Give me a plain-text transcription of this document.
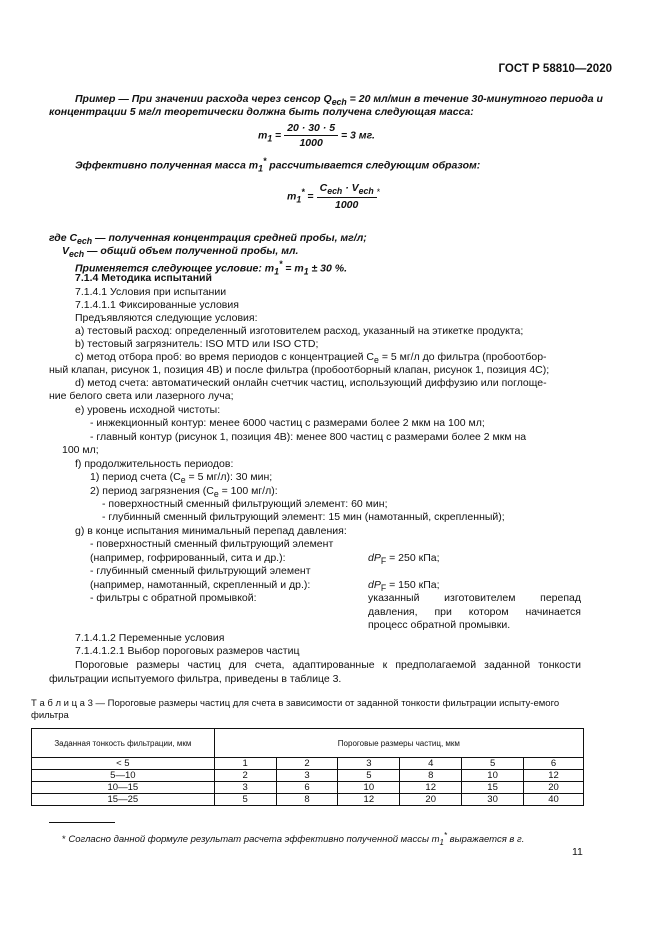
ГОСТ Р 58810—2020
Пример — При значении расхода через сенсор $Q_{ech} = 20$ мл/мин в течение 30-минутного периода и
концентрации 5 мг/л теоретически должна быть получена следующая масса:
$m_1 = \frac{20 \cdot 30 \cdot 5}{1000} = 3$ мг.
Эффективно полученная масса $m_1^*$ рассчитывается следующим образом:
$m_1^* = \frac{C_{ech} \cdot V_{ech}}{1000} ^*$
где $C_{ech}$ — полученная концентрация средней пробы, мг/л;
$V_{ech}$ — общий объем полученной пробы, мл.
Применяется следующее условие: $m_1^* = m_1 \pm 30$ %.
7.1.4 Методика испытаний
7.1.4.1 Условия при испытании
7.1.4.1.1 Фиксированные условия
Предъявляются следующие условия:
а) тестовый расход: определенный изготовителем расход, указанный на этикетке продукта;
b) тестовый загрязнитель: ISO MTD или ISO CTD;
c) метод отбора проб: во время периодов с концентрацией $C_e = 5$ мг/л до фильтра (пробоотбор-
ный клапан, рисунок 1, позиция 4В) и после фильтра (пробоотборный клапан, рисунок 1, позиция 4С);
d) метод счета: автоматический онлайн счетчик частиц, использующий диффузию или поглоще-
ние белого света или лазерного луча;
e) уровень исходной чистоты:
- инжекционный контур: менее 6000 частиц с размерами более 2 мкм на 100 мл;
- главный контур (рисунок 1, позиция 4В): менее 800 частиц с размерами более 2 мкм на
100 мл;
f) продолжительность периодов:
1) период счета ($C_e = 5$ мг/л): 30 мин;
2) период загрязнения ($C_e = 100$ мг/л):
- поверхностный сменный фильтрующий элемент: 60 мин;
- глубинный сменный фильтрующий элемент: 15 мин (намотанный, скрепленный);
g) в конце испытания минимальный перепад давления:
- поверхностный сменный фильтрующий элемент
(например, гофрированный, сита и др.):	$dP_F = 250$ кПа;
- глубинный сменный фильтрующий элемент
(например, намотанный, скрепленный и др.):	$dP_F = 150$ кПа;
- фильтры с обратной промывкой:	указанный изготовителем перепад давления, при котором начинается процесс обратной промывки.
7.1.4.1.2 Переменные условия
7.1.4.1.2.1 Выбор пороговых размеров частиц
Пороговые размеры частиц для счета, адаптированные к предполагаемой заданной тонкости фильтрации испытуемого фильтра, приведены в таблице 3.
Т а б л и ц а 3 — Пороговые размеры частиц для счета в зависимости от заданной тонкости фильтрации испыту-емого фильтра
Заданная тонкость фильтрации, мкм	Пороговые размеры частиц, мкм					
< 5	1	2	3	4	5	6
5—10	2	3	5	8	10	12
10—15	3	6	10	12	15	20
15—25	5	8	12	20	30	40
* Согласно данной формуле результат расчета эффективно полученной массы $m_1^*$ выражается в г.
11
